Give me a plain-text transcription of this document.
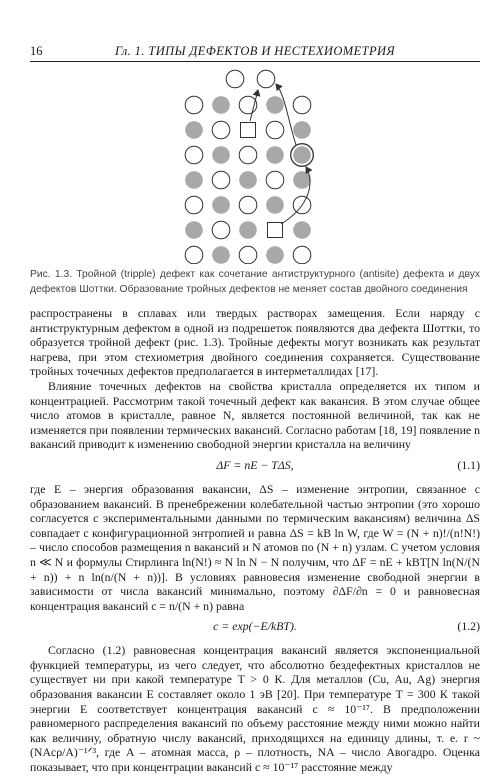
16	Гл. 1. ТИПЫ ДЕФЕКТОВ И НЕСТЕХИОМЕТРИЯ
Рис. 1.3. Тройной (tripple) дефект как сочетание антиструктурного (antisite) дефекта и двух дефектов Шоттки. Образование тройных дефектов не меняет состав двойного соединения

распространены в сплавах или твердых растворах замещения. Если наряду с антиструктурным дефектом в одной из подрешеток появляются два дефекта Шоттки, то образуется тройной дефект (рис. 1.3). Тройные дефекты могут возникать как результат нагрева, при этом стехиометрия двойного соединения сохраняется. Существование тройных точечных дефектов предполагается в интерметаллидах [17].

Влияние точечных дефектов на свойства кристалла определяется их типом и концентрацией. Рассмотрим такой точечный дефект как вакансия. В этом случае общее число атомов в кристалле, равное N, является постоянной величиной, так как не изменяется при появлении термических вакансий. Согласно работам [18, 19] появление n вакансий приводит к изменению свободной энергии кристалла на величину

ΔF = nE − TΔS,	(1.1)

где E – энергия образования вакансии, ΔS – изменение энтропии, связанное с образованием вакансий. В пренебрежении колебательной частью энтропии (это хорошо согласуется с экспериментальными данными по термическим вакансиям) величина ΔS совпадает с конфигурационной энтропией и равна ΔS = kB ln W, где W = (N + n)!/(n!N!) – число способов размещения n вакансий и N атомов по (N + n) узлам. С учетом условия n ≪ N и формулы Стирлинга ln(N!) ≈ N ln N − N получим, что ΔF = nE + kBT[N ln(N/(N + n)) + n ln(n/(N + n))]. В условиях равновесия изменение свободной энергии в зависимости от числа вакансий минимально, поэтому ∂ΔF/∂n = 0 и равновесная концентрация вакансий c = n/(N + n) равна

c = exp(−E/kBT).	(1.2)

Согласно (1.2) равновесная концентрация вакансий является экспоненциальной функцией температуры, из чего следует, что абсолютно бездефектных кристаллов не существует ни при какой температуре T > 0 К. Для металлов (Cu, Au, Ag) энергия образования вакансии E составляет около 1 эВ [20]. При температуре T = 300 К такой энергии E соответствует концентрация вакансий c ≈ 10⁻¹⁷. В предположении равномерного распределения вакансий по объему расстояние между ними можно найти как величину, обратную числу вакансий, приходящихся на единицу длины, т. е. r ~ (NAcρ/A)⁻¹ᐟ³, где A – атомная масса, ρ – плотность, NA – число Авогадро. Оценка показывает, что при концентрации вакансий c ≈ 10⁻¹⁷ расстояние между
